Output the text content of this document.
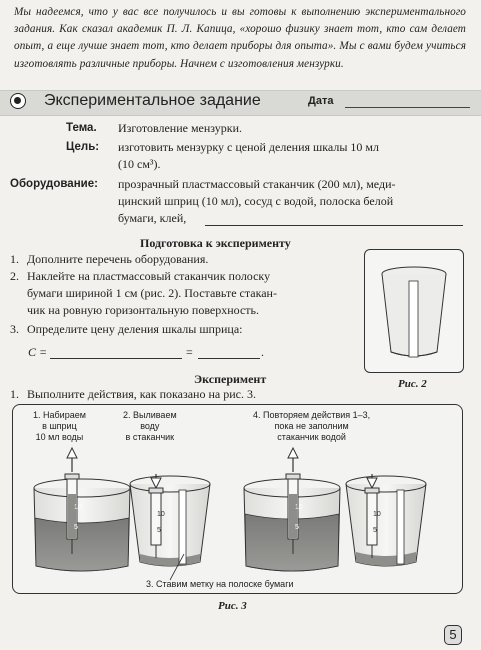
Мы надеемся, что у вас все получилось и вы готовы к выполнению экспериментального задания. Как сказал академик П. Л. Капица, «хорошо физику знает тот, кто сам делает опыт, а еще лучше знает тот, кто делает приборы для опыта». Мы с вами будем учиться изготовлять различные приборы. Начнем с изготовления мензурки.
Экспериментальное задание	Дата
Тема. Изготовление мензурки.
Цель: изготовить мензурку с ценой деления шкалы 10 мл
(10 см³).
Оборудование: прозрачный пластмассовый стаканчик (200 мл), меди-
цинский шприц (10 мл), сосуд с водой, полоска белой
бумаги, клей,
Подготовка к эксперименту
1. Дополните перечень оборудования.
2. Наклейте на пластмассовый стаканчик полоску
бумаги шириной 1 см (рис. 2). Поставьте стакан-
чик на ровную горизонтальную поверхность.
3. Определите цену деления шкалы шприца:
C =	=	.
Рис. 2
Эксперимент
1. Выполните действия, как показано на рис. 3.
1. Набираем
в шприц
10 мл воды
2. Выливаем
воду
в стаканчик
4. Повторяем действия 1–3,
пока не заполним
стаканчик водой
10
5
10
5
10
5
10
5
3. Ставим метку на полоске бумаги
Рис. 3
5
